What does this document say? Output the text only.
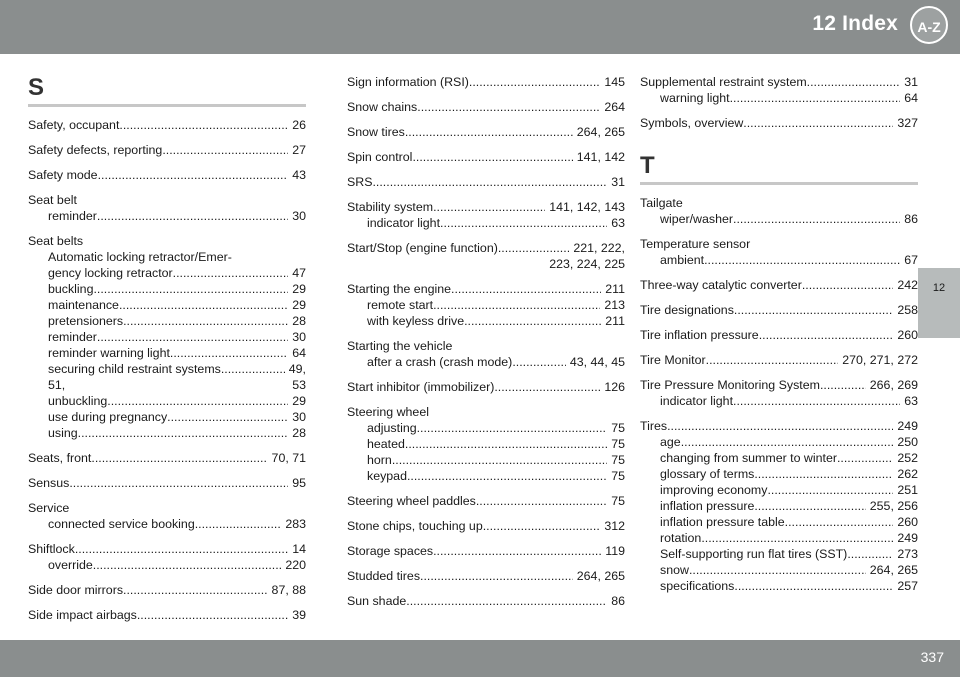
12 Index	A-Z
12
S
Safety, occupant .....	26
Safety defects, reporting .....	27
Safety mode .....	43
Seat belt
reminder .....	30
Seat belts
Automatic locking retractor/Emer-
gency locking retractor .....	47
buckling .....	29
maintenance .....	29
pretensioners .....	28
reminder .....	30
reminder warning light .....	64
securing child restraint systems .....	49,
51,	53
unbuckling .....	29
use during pregnancy .....	30
using .....	28
Seats, front .....	70, 71
Sensus .....	95
Service
connected service booking .....	283
Shiftlock .....	14
override .....	220
Side door mirrors .....	87, 88
Side impact airbags .....	39
Sign information (RSI) .....	145
Snow chains .....	264
Snow tires .....	264, 265
Spin control .....	141, 142
SRS .....	31
Stability system .....	141, 142, 143
indicator light .....	63
Start/Stop (engine function) .....	221, 222,
223, 224, 225
Starting the engine .....	211
remote start .....	213
with keyless drive .....	211
Starting the vehicle
after a crash (crash mode) .....	43, 44, 45
Start inhibitor (immobilizer) .....	126
Steering wheel
adjusting .....	75
heated .....	75
horn .....	75
keypad .....	75
Steering wheel paddles .....	75
Stone chips, touching up .....	312
Storage spaces .....	119
Studded tires .....	264, 265
Sun shade .....	86
Supplemental restraint system .....	31
warning light .....	64
Symbols, overview .....	327
T
Tailgate
wiper/washer .....	86
Temperature sensor
ambient .....	67
Three-way catalytic converter .....	242
Tire designations .....	258
Tire inflation pressure .....	260
Tire Monitor .....	270, 271, 272
Tire Pressure Monitoring System .....	266, 269
indicator light .....	63
Tires .....	249
age .....	250
changing from summer to winter .....	252
glossary of terms .....	262
improving economy .....	251
inflation pressure .....	255, 256
inflation pressure table .....	260
rotation .....	249
Self-supporting run flat tires (SST) .....	273
snow .....	264, 265
specifications .....	257
337
